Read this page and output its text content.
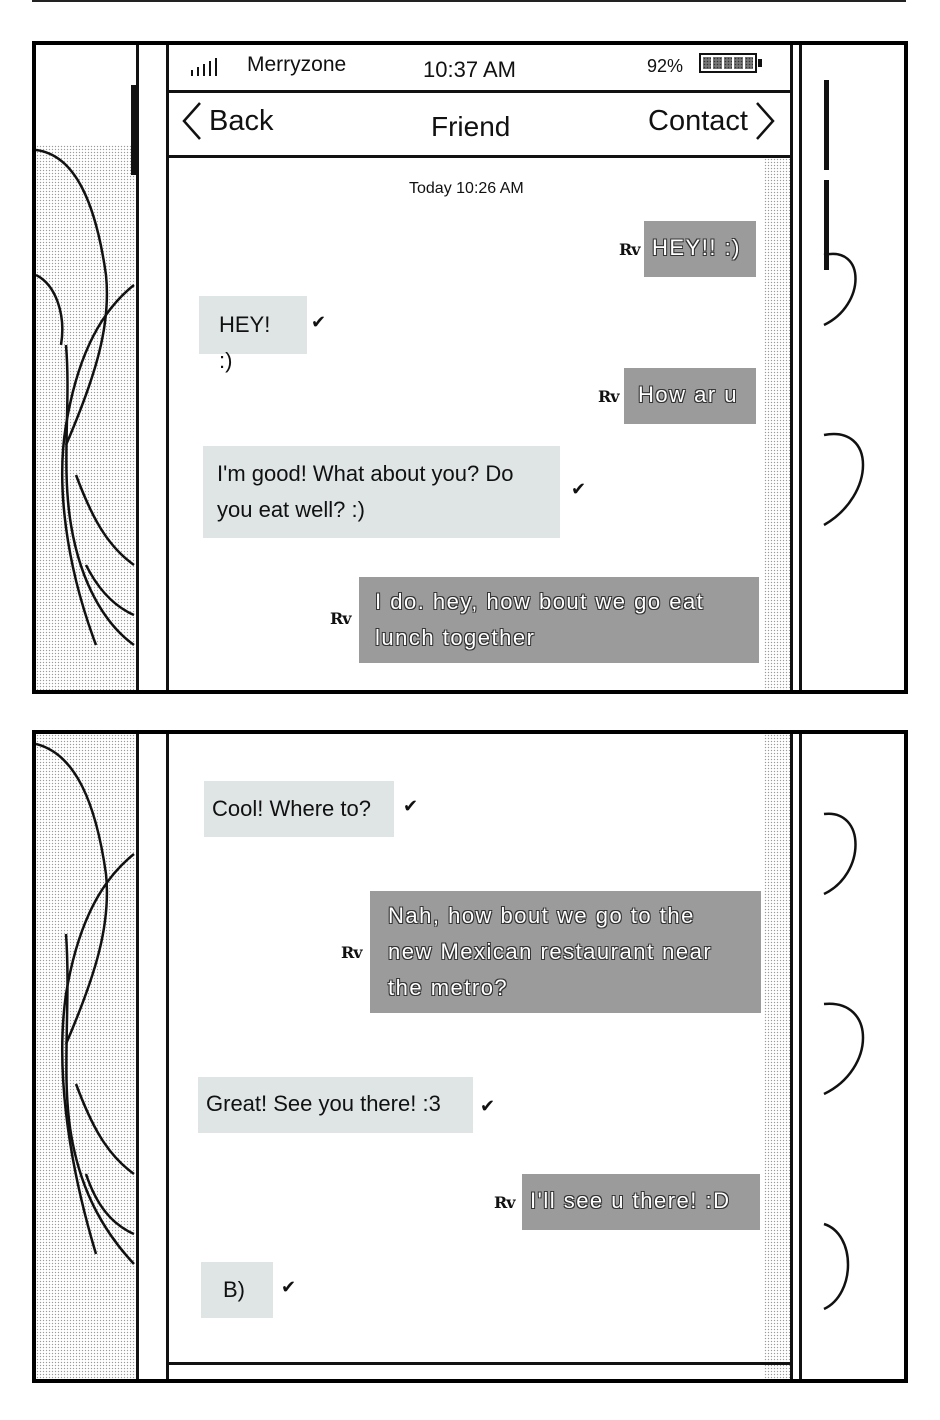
Merryzone	10:37 AM	92%
Back	Friend	Contact
Today 10:26 AM
Rv HEY!! :)
HEY! :)
✔
Rv How ar u
I'm good! What about you? Do you eat well? :)
✔
Rv
I do. hey, how bout we go eat lunch together
Cool! Where to?	✔
Rv
Nah, how bout we go to the new Mexican restaurant near the metro?
Great! See you there! :3	✔
Rv I'll see u there! :D
B)	✔
